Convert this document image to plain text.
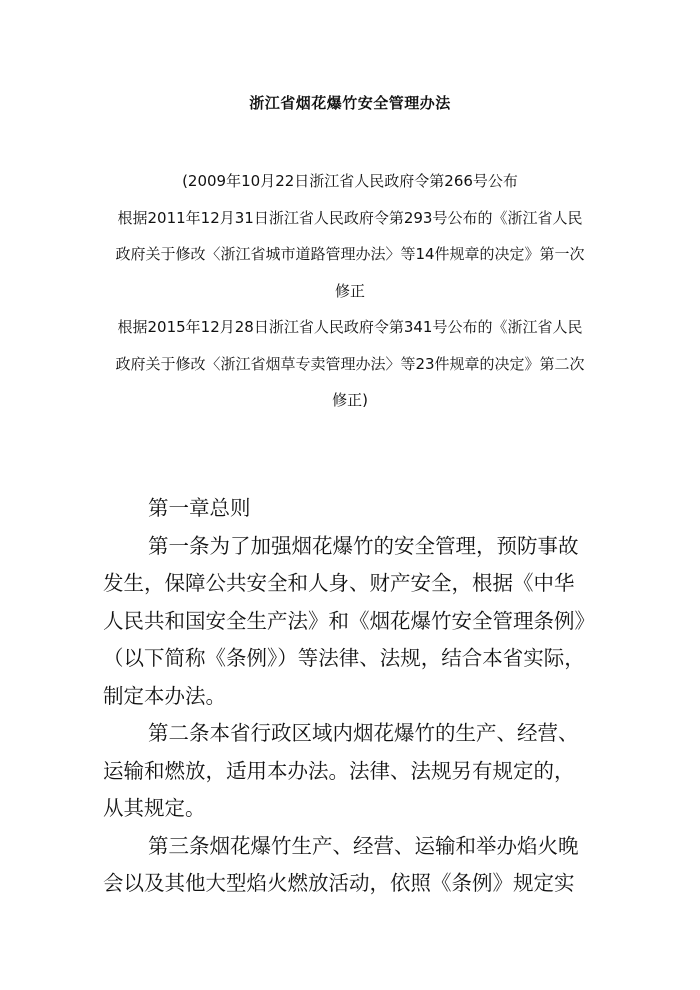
浙江省烟花爆竹安全管理办法
(2009年10月22日浙江省人民政府令第266号公布
根据2011年12月31日浙江省人民政府令第293号公布的《浙江省人民
政府关于修改〈浙江省城市道路管理办法〉等14件规章的决定》第一次
修正
根据2015年12月28日浙江省人民政府令第341号公布的《浙江省人民
政府关于修改〈浙江省烟草专卖管理办法〉等23件规章的决定》第二次
修正)
第一章总则
第一条为了加强烟花爆竹的安全管理，预防事故
发生，保障公共安全和人身、财产安全，根据《中华
人民共和国安全生产法》和《烟花爆竹安全管理条例》
（以下简称《条例》）等法律、法规，结合本省实际，
制定本办法。
第二条本省行政区域内烟花爆竹的生产、经营、
运输和燃放，适用本办法。法律、法规另有规定的，
从其规定。
第三条烟花爆竹生产、经营、运输和举办焰火晚
会以及其他大型焰火燃放活动，依照《条例》规定实
